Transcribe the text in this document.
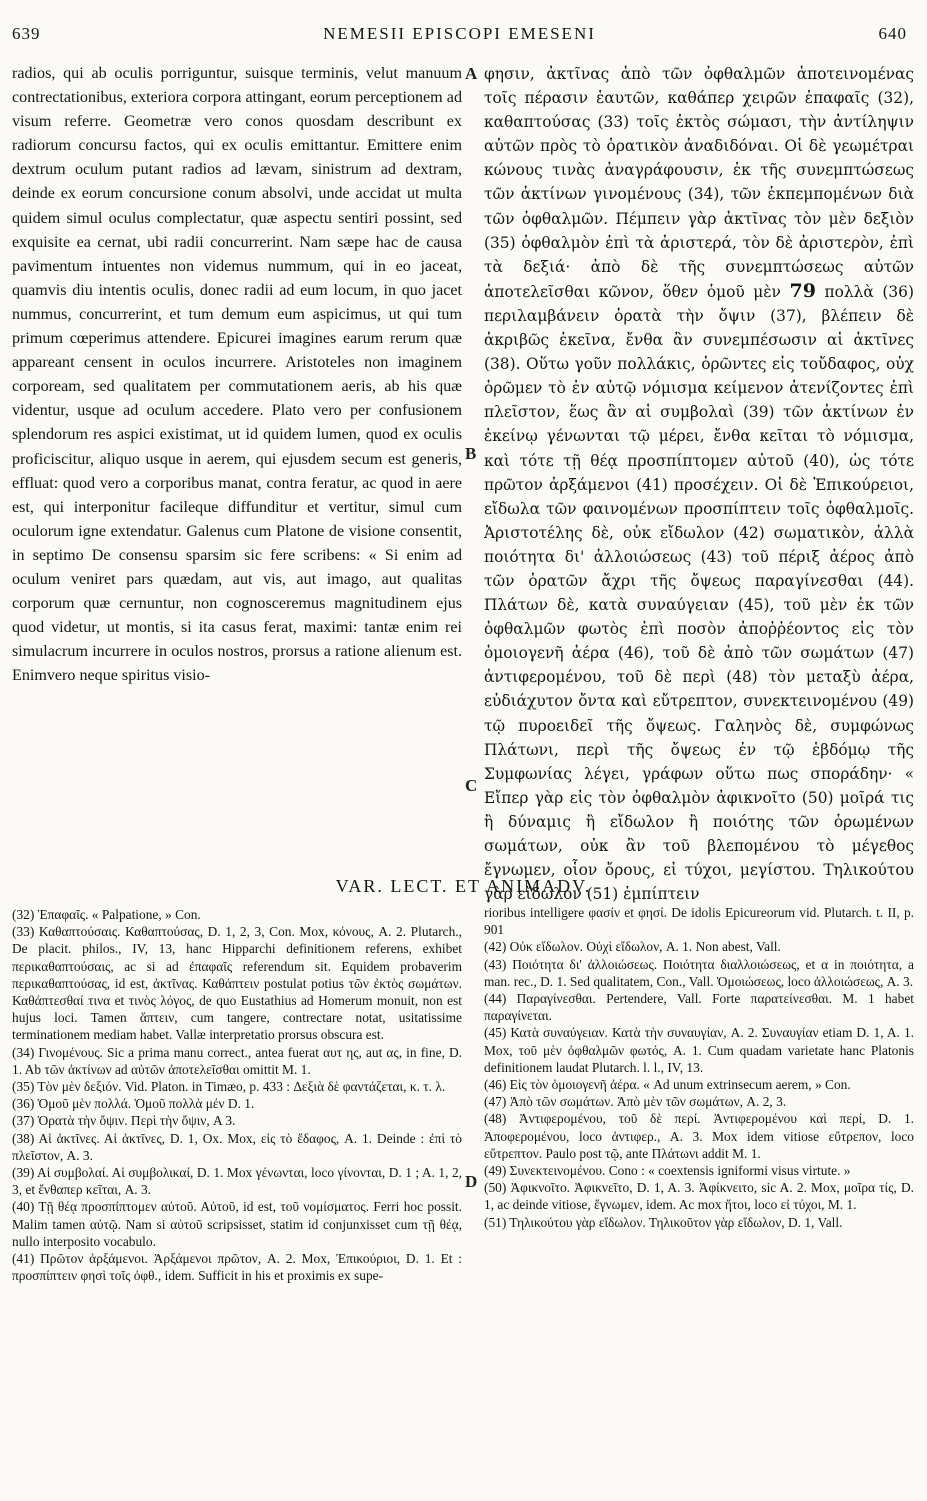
639	NEMESII EPISCOPI EMESENI	640

radios, qui ab oculis porriguntur, suisque terminis, velut manuum contrectationibus, exteriora corpora attingant, eorum perceptionem ad visum referre. Geometræ vero conos quosdam describunt ex radiorum concursu factos, qui ex oculis emittantur. Emittere enim dextrum oculum putant radios ad lævam, sinistrum ad dextram, deinde ex eorum concursione conum absolvi, unde accidat ut multa quidem simul oculus complectatur, quæ aspectu sentiri possint, sed exquisite ea cernat, ubi radii concurrerint. Nam sæpe hac de causa pavimentum intuentes non videmus nummum, qui in eo jaceat, quamvis diu intentis oculis, donec radii ad eum locum, in quo jacet nummus, concurrerint, et tum demum eum aspicimus, ut qui tum primum cœperimus attendere. Epicurei imagines earum rerum quæ appareant censent in oculos incurrere. Aristoteles non imaginem corpoream, sed qualitatem per commutationem aeris, ab his quæ videntur, usque ad oculum accedere. Plato vero per confusionem splendorum res aspici existimat, ut id quidem lumen, quod ex oculis proficiscitur, aliquo usque in aerem, qui ejusdem secum est generis, effluat: quod vero a corporibus manat, contra feratur, ac quod in aere est, qui interponitur facileque diffunditur et vertitur, simul cum oculorum igne extendatur. Galenus cum Platone de visione consentit, in septimo De consensu sparsim sic fere scribens: « Si enim ad oculum veniret pars quædam, aut vis, aut imago, aut qualitas corporum quæ cernuntur, non cognosceremus magnitudinem ejus quod videtur, ut montis, si ita casus ferat, maximi: tantæ enim rei simulacrum incurrere in oculos nostros, prorsus a ratione alienum est. Enimvero neque spiritus visio-

A
B
C
D

φησιν, ἀκτῖνας ἀπὸ τῶν ὀφθαλμῶν ἀποτεινομένας τοῖς πέρασιν ἑαυτῶν, καθάπερ χειρῶν ἐπαφαῖς (32), καθαπτούσας (33) τοῖς ἐκτὸς σώμασι, τὴν ἀντίληψιν αὐτῶν πρὸς τὸ ὁρατικὸν ἀναδιδόναι. Οἱ δὲ γεωμέτραι κώνους τινὰς ἀναγράφουσιν, ἐκ τῆς συνεμπτώσεως τῶν ἀκτίνων γινομένους (34), τῶν ἐκπεμπομένων διὰ τῶν ὀφθαλμῶν. Πέμπειν γὰρ ἀκτῖνας τὸν μὲν δεξιὸν (35) ὀφθαλμὸν ἐπὶ τὰ ἀριστερά, τὸν δὲ ἀριστερὸν, ἐπὶ τὰ δεξιά· ἀπὸ δὲ τῆς συνεμπτώσεως αὐτῶν ἀποτελεῖσθαι κῶνον, ὅθεν ὁμοῦ μὲν 79 πολλὰ (36) περιλαμβάνειν ὁρατὰ τὴν ὄψιν (37), βλέπειν δὲ ἀκριβῶς ἐκεῖνα, ἔνθα ἂν συνεμπέσωσιν αἱ ἀκτῖνες (38). Οὕτω γοῦν πολλάκις, ὁρῶντες εἰς τοὔδαφος, οὐχ ὁρῶμεν τὸ ἐν αὐτῷ νόμισμα κείμενον ἀτενίζοντες ἐπὶ πλεῖστον, ἕως ἂν αἱ συμβολαὶ (39) τῶν ἀκτίνων ἐν ἐκείνῳ γένωνται τῷ μέρει, ἔνθα κεῖται τὸ νόμισμα, καὶ τότε τῇ θέᾳ προσπίπτομεν αὐτοῦ (40), ὡς τότε πρῶτον ἀρξάμενοι (41) προσέχειν. Οἱ δὲ Ἐπικούρειοι, εἴδωλα τῶν φαινομένων προσπίπτειν τοῖς ὀφθαλμοῖς. Ἀριστοτέλης δὲ, οὐκ εἴδωλον (42) σωματικὸν, ἀλλὰ ποιότητα δι' ἀλλοιώσεως (43) τοῦ πέριξ ἀέρος ἀπὸ τῶν ὁρατῶν ἄχρι τῆς ὄψεως παραγίνεσθαι (44). Πλάτων δὲ, κατὰ συναύγειαν (45), τοῦ μὲν ἐκ τῶν ὀφθαλμῶν φωτὸς ἐπὶ ποσὸν ἀποῤῥέοντος εἰς τὸν ὁμοιογενῆ ἀέρα (46), τοῦ δὲ ἀπὸ τῶν σωμάτων (47) ἀντιφερομένου, τοῦ δὲ περὶ (48) τὸν μεταξὺ ἀέρα, εὐδιάχυτον ὄντα καὶ εὔτρεπτον, συνεκτεινομένου (49) τῷ πυροειδεῖ τῆς ὄψεως. Γαληνὸς δὲ, συμφώνως Πλάτωνι, περὶ τῆς ὄψεως ἐν τῷ ἑβδόμῳ τῆς Συμφωνίας λέγει, γράφων οὕτω πως σποράδην· « Εἴπερ γὰρ εἰς τὸν ὀφθαλμὸν ἀφικνοῖτο (50) μοῖρά τις ἢ δύναμις ἢ εἴδωλον ἢ ποιότης τῶν ὁρωμένων σωμάτων, οὐκ ἂν τοῦ βλεπομένου τὸ μέγεθος ἔγνωμεν, οἷον ὄρους, εἰ τύχοι, μεγίστου. Τηλικούτου γὰρ εἴδωλον (51) ἐμπίπτειν

VAR. LECT. ET ANIMADV.

(32) Ἐπαφαῖς. « Palpatione, » Con.

(33) Καθαπτούσαις. Καθαπτούσας, D. 1, 2, 3, Con. Mox, κόνους, A. 2. Plutarch., De placit. philos., IV, 13, hanc Hipparchi definitionem referens, exhibet περικαθαπτούσαις, ac si ad ἐπαφαῖς referendum sit. Equidem probaverim περικαθαπτούσας, id est, ἀκτῖνας. Καθάπτειν postulat potius τῶν ἐκτὸς σωμάτων. Καθάπτεσθαί τινα et τινὸς λόγος, de quo Eustathius ad Homerum monuit, non est hujus loci. Tamen ἅπτειν, cum tangere, contrectare notat, usitatissime terminationem mediam habet. Vallæ interpretatio prorsus obscura est.

(34) Γινομένους. Sic a prima manu correct., antea fuerat αυτ ης, aut ας, in fine, D. 1. Ab τῶν ἀκτίνων ad αὐτῶν ἀποτελεῖσθαι omittit M. 1.

(35) Τὸν μὲν δεξιόν. Vid. Platon. in Timæo, p. 433 : Δεξιὰ δὲ φαντάζεται, κ. τ. λ.

(36) Ὁμοῦ μὲν πολλά. Ὁμοῦ πολλὰ μέν D. 1.

(37) Ὁρατὰ τὴν ὄψιν. Περὶ τὴν ὄψιν, A 3.

(38) Αἱ ἀκτῖνες. Αἱ ἀκτῖνες, D. 1, Ox. Mox, εἰς τὸ ἔδαφος, A. 1. Deinde : ἐπὶ τὸ πλεῖστον, A. 3.

(39) Αἱ συμβολαί. Αἱ συμβολικαί, D. 1. Mox γένωνται, loco γίνονται, D. 1 ; A. 1, 2, 3, et ἔνθαπερ κεῖται, A. 3.

(40) Τῇ θέᾳ προσπίπτομεν αὐτοῦ. Αὐτοῦ, id est, τοῦ νομίσματος. Ferri hoc possit. Malim tamen αὐτῷ. Nam si αὐτοῦ scripsisset, statim id conjunxisset cum τῇ θέᾳ, nullo interposito vocabulo.

(41) Πρῶτον ἀρξάμενοι. Ἀρξάμενοι πρῶτον, A. 2. Mox, Ἐπικούριοι, D. 1. Et : προσπίπτειν φησὶ τοῖς ὀφθ., idem. Sufficit in his et proximis ex supe-

rioribus intelligere φασίν et φησί. De idolis Epicureorum vid. Plutarch. t. II, p. 901

(42) Οὐκ εἴδωλον. Οὐχὶ εἴδωλον, A. 1. Non abest, Vall.

(43) Ποιότητα δι' ἀλλοιώσεως. Ποιότητα διαλλοιώσεως, et α in ποιότητα, a man. rec., D. 1. Sed qualitatem, Con., Vall. Ὁμοιώσεως, loco ἀλλοιώσεως, A. 3.

(44) Παραγίνεσθαι. Pertendere, Vall. Forte παρατείνεσθαι. M. 1 habet παραγίνεται.

(45) Κατὰ συναύγειαν. Κατὰ τὴν συναυγίαν, A. 2. Συναυγίαν etiam D. 1, A. 1. Mox, τοῦ μὲν ὀφθαλμῶν φωτός, A. 1. Cum quadam varietate hanc Platonis definitionem laudat Plutarch. l. l., IV, 13.

(46) Εἰς τὸν ὁμοιογενῆ ἀέρα. « Ad unum extrinsecum aerem, » Con.

(47) Ἀπὸ τῶν σωμάτων. Ἀπὸ μὲν τῶν σωμάτων, A. 2, 3.

(48) Ἀντιφερομένου, τοῦ δὲ περί. Ἀντιφερομένου καὶ περί, D. 1. Ἀποφερομένου, loco ἀντιφερ., A. 3. Mox idem vitiose εὔτρεπον, loco εὔτρεπτον. Paulo post τῷ, ante Πλάτωνι addit M. 1.

(49) Συνεκτεινομένου. Cono : « coextensis igniformi visus virtute. »

(50) Ἀφικνοῖτο. Ἀφικνεῖτο, D. 1, A. 3. Ἀφίκνειτο, sic A. 2. Mox, μοῖρα τίς, D. 1, ac deinde vitiose, ἔγνωμεν, idem. Ac mox ἤτοι, loco εἰ τύχοι, M. 1.

(51) Τηλικούτου γὰρ εἴδωλον. Τηλικοῦτον γὰρ εἴδωλον, D. 1, Vall.
